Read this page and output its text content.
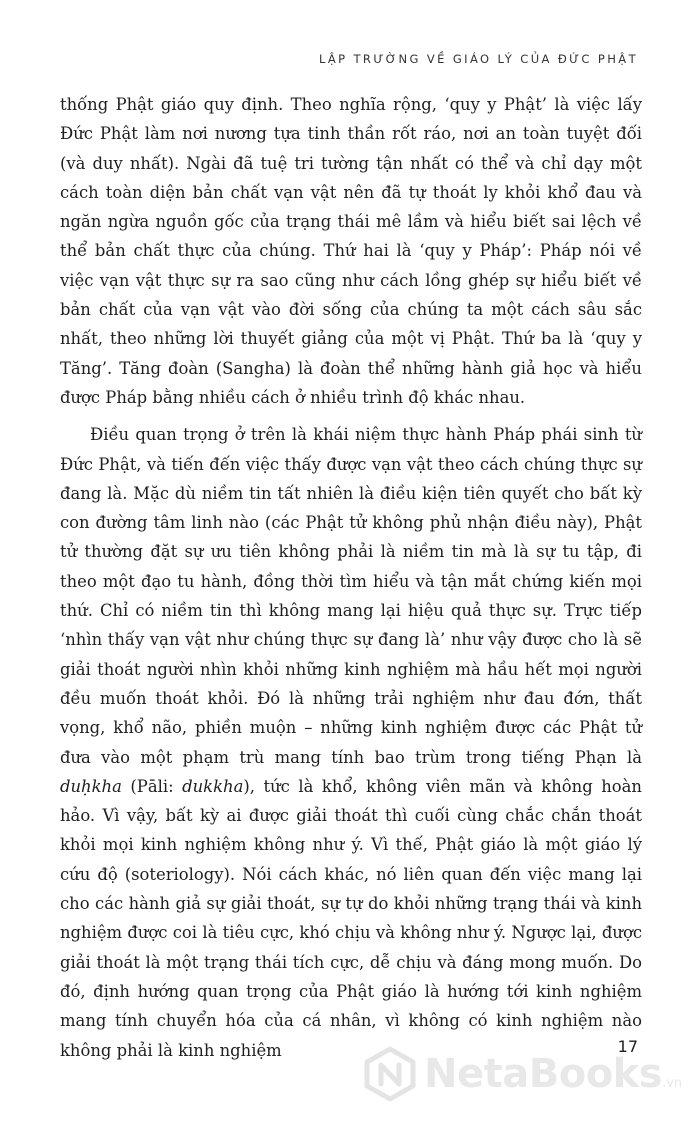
LẬP TRƯỜNG VỀ GIÁO LÝ CỦA ĐỨC PHẬT

thống Phật giáo quy định. Theo nghĩa rộng, ‘quy y Phật’ là việc lấy Đức Phật làm nơi nương tựa tinh thần rốt ráo, nơi an toàn tuyệt đối (và duy nhất). Ngài đã tuệ tri tường tận nhất có thể và chỉ dạy một cách toàn diện bản chất vạn vật nên đã tự thoát ly khỏi khổ đau và ngăn ngừa nguồn gốc của trạng thái mê lầm và hiểu biết sai lệch về thể bản chất thực của chúng. Thứ hai là ‘quy y Pháp’: Pháp nói về việc vạn vật thực sự ra sao cũng như cách lồng ghép sự hiểu biết về bản chất của vạn vật vào đời sống của chúng ta một cách sâu sắc nhất, theo những lời thuyết giảng của một vị Phật. Thứ ba là ‘quy y Tăng’. Tăng đoàn (Sangha) là đoàn thể những hành giả học và hiểu được Pháp bằng nhiều cách ở nhiều trình độ khác nhau.

Điều quan trọng ở trên là khái niệm thực hành Pháp phái sinh từ Đức Phật, và tiến đến việc thấy được vạn vật theo cách chúng thực sự đang là. Mặc dù niềm tin tất nhiên là điều kiện tiên quyết cho bất kỳ con đường tâm linh nào (các Phật tử không phủ nhận điều này), Phật tử thường đặt sự ưu tiên không phải là niềm tin mà là sự tu tập, đi theo một đạo tu hành, đồng thời tìm hiểu và tận mắt chứng kiến mọi thứ. Chỉ có niềm tin thì không mang lại hiệu quả thực sự. Trực tiếp ‘nhìn thấy vạn vật như chúng thực sự đang là’ như vậy được cho là sẽ giải thoát người nhìn khỏi những kinh nghiệm mà hầu hết mọi người đều muốn thoát khỏi. Đó là những trải nghiệm như đau đớn, thất vọng, khổ não, phiền muộn – những kinh nghiệm được các Phật tử đưa vào một phạm trù mang tính bao trùm trong tiếng Phạn là duḥkha (Pāli: dukkha), tức là khổ, không viên mãn và không hoàn hảo. Vì vậy, bất kỳ ai được giải thoát thì cuối cùng chắc chắn thoát khỏi mọi kinh nghiệm không như ý. Vì thế, Phật giáo là một giáo lý cứu độ (soteriology). Nói cách khác, nó liên quan đến việc mang lại cho các hành giả sự giải thoát, sự tự do khỏi những trạng thái và kinh nghiệm được coi là tiêu cực, khó chịu và không như ý. Ngược lại, được giải thoát là một trạng thái tích cực, dễ chịu và đáng mong muốn. Do đó, định hướng quan trọng của Phật giáo là hướng tới kinh nghiệm mang tính chuyển hóa của cá nhân, vì không có kinh nghiệm nào không phải là kinh nghiệm	17
NetaBooks.vn
